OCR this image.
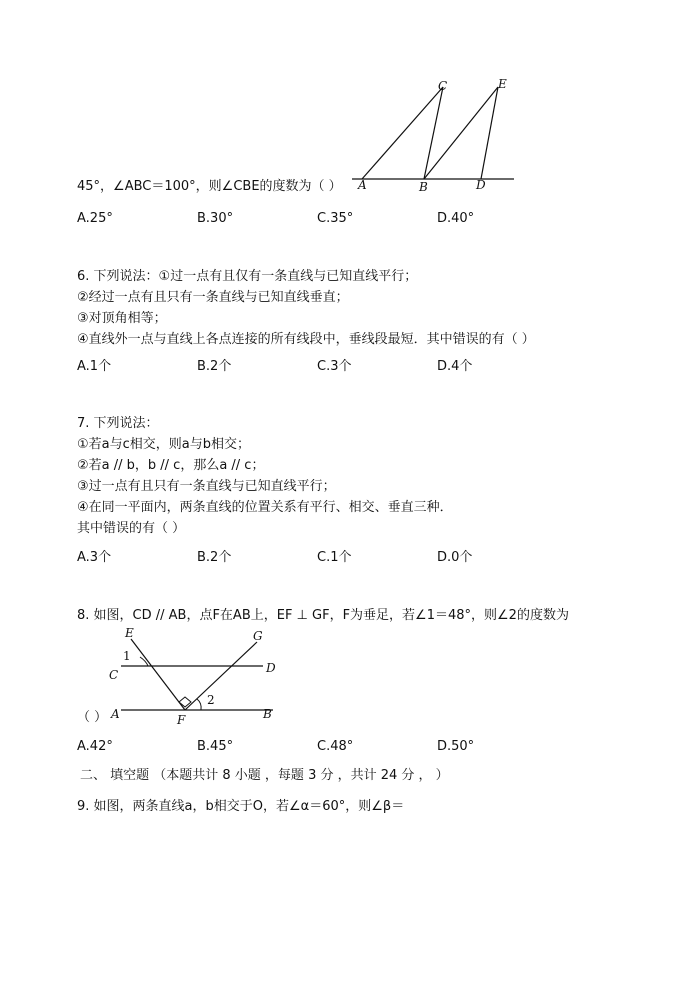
C	E
A	B	D
45°，∠ABC＝100°，则∠CBE的度数为（ ）
A.25°	B.30°	C.35°	D.40°
6. 下列说法：①过一点有且仅有一条直线与已知直线平行；
②经过一点有且只有一条直线与已知直线垂直；
③对顶角相等；
④直线外一点与直线上各点连接的所有线段中，垂线段最短．其中错误的有（ ）
A.1个	B.2个	C.3个	D.4个
7. 下列说法：
①若a与c相交，则a与b相交；
②若a // b，b // c，那么a // c；
③过一点有且只有一条直线与已知直线平行；
④在同一平面内，两条直线的位置关系有平行、相交、垂直三种．
其中错误的有（ ）
A.3个	B.2个	C.1个	D.0个
8. 如图，CD // AB，点F在AB上，EF ⊥ GF，F为垂足，若∠1＝48°，则∠2的度数为
E	G
1
C	D
2
A	F	B
（ ）
A.42°	B.45°	C.48°	D.50°
二、 填空题 （本题共计 8 小题 ，每题 3 分 ，共计 24 分 ， ）
9. 如图，两条直线a，b相交于O，若∠α＝60°，则∠β＝
